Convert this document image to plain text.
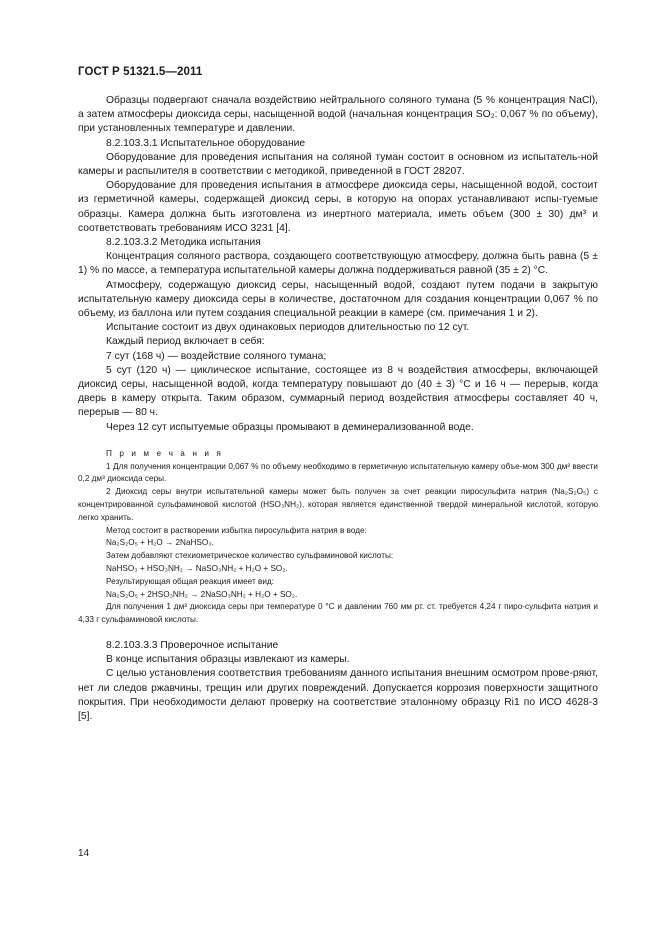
ГОСТ Р 51321.5—2011

Образцы подвергают сначала воздействию нейтрального соляного тумана (5 % концентрация NaCl), а затем атмосферы диоксида серы, насыщенной водой (начальная концентрация SO₂: 0,067 % по объему), при установленных температуре и давлении.

8.2.103.3.1 Испытательное оборудование

Оборудование для проведения испытания на соляной туман состоит в основном из испытатель-ной камеры и распылителя в соответствии с методикой, приведенной в ГОСТ 28207.

Оборудование для проведения испытания в атмосфере диоксида серы, насыщенной водой, состоит из герметичной камеры, содержащей диоксид серы, в которую на опорах устанавливают испы-туемые образцы. Камера должна быть изготовлена из инертного материала, иметь объем (300 ± 30) дм³ и соответствовать требованиям ИСО 3231 [4].

8.2.103.3.2 Методика испытания

Концентрация соляного раствора, создающего соответствующую атмосферу, должна быть равна (5 ± 1) % по массе, а температура испытательной камеры должна поддерживаться равной (35 ± 2) °С.

Атмосферу, содержащую диоксид серы, насыщенный водой, создают путем подачи в закрытую испытательную камеру диоксида серы в количестве, достаточном для создания концентрации 0,067 % по объему, из баллона или путем создания специальной реакции в камере (см. примечания 1 и 2).

Испытание состоит из двух одинаковых периодов длительностью по 12 сут.

Каждый период включает в себя:

7 сут (168 ч) — воздействие соляного тумана;

5 сут (120 ч) — циклическое испытание, состоящее из 8 ч воздействия атмосферы, включающей диоксид серы, насыщенной водой, когда температуру повышают до (40 ± 3) °С и 16 ч — перерыв, когда дверь в камеру открыта. Таким образом, суммарный период воздействия атмосферы составляет 40 ч, перерыв — 80 ч.

Через 12 сут испытуемые образцы промывают в деминерализованной воде.

П р и м е ч а н и я

1 Для получения концентрации 0,067 % по объему необходимо в герметичную испытательную камеру объе-мом 300 дм³ ввести 0,2 дм³ диоксида серы.

2 Диоксид серы внутри испытательной камеры может быть получен за счет реакции пиросульфита натрия (Na₂S₂O₅) с концентрированной сульфаминовой кислотой (HSO₃NH₂), которая является единственной твердой минеральной кислотой, которую легко хранить.

Метод состоит в растворении избытка пиросульфита натрия в воде:

Na₂S₂O₅ + H₂O → 2NaHSO₃.

Затем добавляют стехиометрическое количество сульфаминовой кислоты:

NaHSO₃ + HSO₃NH₂ → NaSO₃NH₂ + H₂O + SO₂.

Результирующая общая реакция имеет вид:

Na₂S₂O₅ + 2HSO₃NH₂ → 2NaSO₃NH₂ + H₂O + SO₂.

Для получения 1 дм³ диоксида серы при температуре 0 °С и давлении 760 мм рт. ст. требуется 4,24 г пиро-сульфита натрия и 4,33 г сульфаминовой кислоты.

8.2.103.3.3 Проверочное испытание

В конце испытания образцы извлекают из камеры.

С целью установления соответствия требованиям данного испытания внешним осмотром прове-ряют, нет ли следов ржавчины, трещин или других повреждений. Допускается коррозия поверхности защитного покрытия. При необходимости делают проверку на соответствие эталонному образцу Ri1 по ИСО 4628-3 [5].

14
